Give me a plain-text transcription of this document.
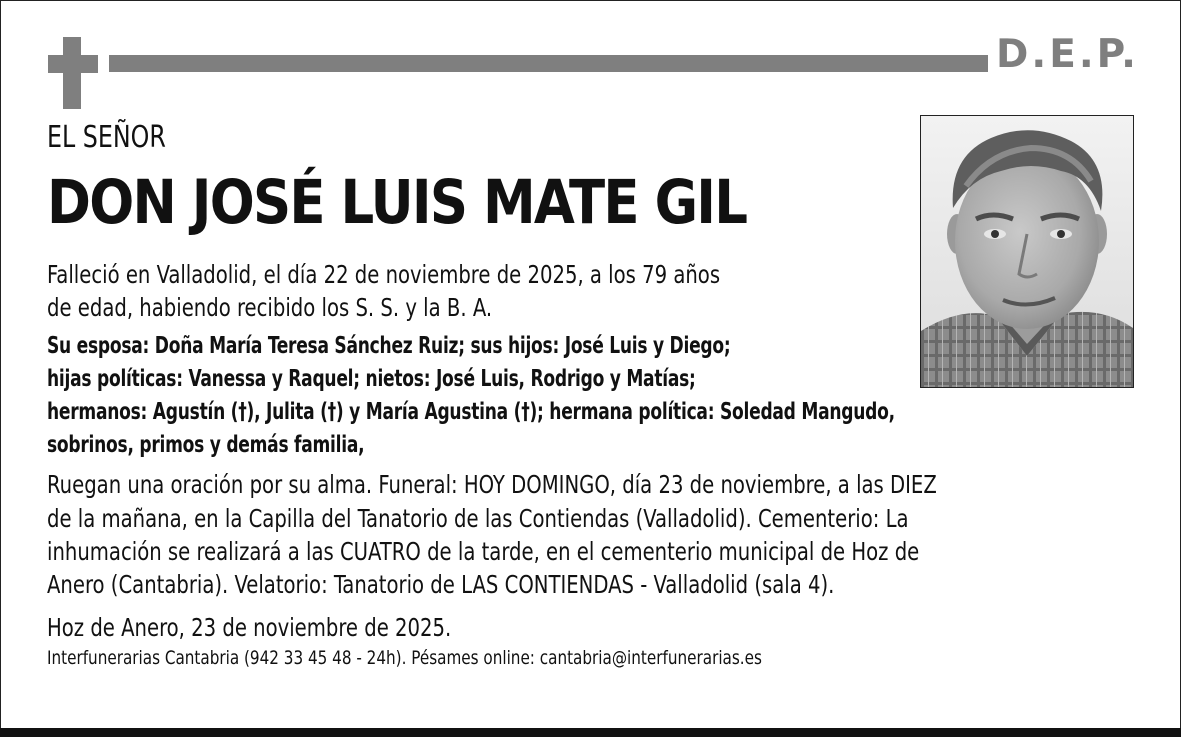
D.E.P.
EL SEÑOR
DON JOSÉ LUIS MATE GIL
Falleció en Valladolid, el día 22 de noviembre de 2025, a los 79 años
de edad, habiendo recibido los S. S. y la B. A.
Su esposa: Doña María Teresa Sánchez Ruiz; sus hijos: José Luis y Diego;
hijas políticas: Vanessa y Raquel; nietos: José Luis, Rodrigo y Matías;
hermanos: Agustín (†), Julita (†) y María Agustina (†); hermana política: Soledad Mangudo,
sobrinos, primos y demás familia,
Ruegan una oración por su alma. Funeral: HOY DOMINGO, día 23 de noviembre, a las DIEZ
de la mañana, en la Capilla del Tanatorio de las Contiendas (Valladolid). Cementerio: La
inhumación se realizará a las CUATRO de la tarde, en el cementerio municipal de Hoz de
Anero (Cantabria). Velatorio: Tanatorio de LAS CONTIENDAS - Valladolid (sala 4).
Hoz de Anero, 23 de noviembre de 2025.
Interfunerarias Cantabria (942 33 45 48 - 24h). Pésames online: cantabria@interfunerarias.es
